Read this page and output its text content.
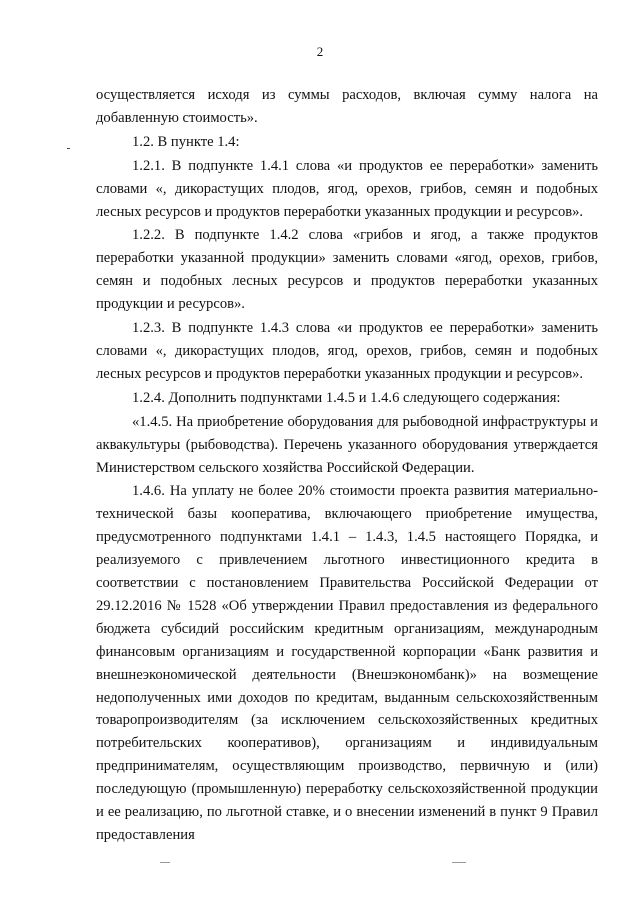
2

осуществляется исходя из суммы расходов, включая сумму налога на добавленную стоимость».

1.2. В пункте 1.4:

1.2.1. В подпункте 1.4.1 слова «и продуктов ее переработки» заменить словами «, дикорастущих плодов, ягод, орехов, грибов, семян и подобных лесных ресурсов и продуктов переработки указанных продукции и ресурсов».

1.2.2. В подпункте 1.4.2 слова «грибов и ягод, а также продуктов переработки указанной продукции» заменить словами «ягод, орехов, грибов, семян и подобных лесных ресурсов и продуктов переработки указанных продукции и ресурсов».

1.2.3. В подпункте 1.4.3 слова «и продуктов ее переработки» заменить словами «, дикорастущих плодов, ягод, орехов, грибов, семян и подобных лесных ресурсов и продуктов переработки указанных продукции и ресурсов».

1.2.4. Дополнить подпунктами 1.4.5 и 1.4.6 следующего содержания:

«1.4.5. На приобретение оборудования для рыбоводной инфраструктуры и аквакультуры (рыбоводства). Перечень указанного оборудования утверждается Министерством сельского хозяйства Российской Федерации.

1.4.6. На уплату не более 20% стоимости проекта развития материально-технической базы кооператива, включающего приобретение имущества, предусмотренного подпунктами 1.4.1 – 1.4.3, 1.4.5 настоящего Порядка, и реализуемого с привлечением льготного инвестиционного кредита в соответствии с постановлением Правительства Российской Федерации от 29.12.2016 № 1528 «Об утверждении Правил предоставления из федерального бюджета субсидий российским кредитным организациям, международным финансовым организациям и государственной корпорации «Банк развития и внешнеэкономической деятельности (Внешэкономбанк)» на возмещение недополученных ими доходов по кредитам, выданным сельскохозяйственным товаропроизводителям (за исключением сельскохозяйственных кредитных потребительских кооперативов), организациям и индивидуальным предпринимателям, осуществляющим производство, первичную и (или) последующую (промышленную) переработку сельскохозяйственной продукции и ее реализацию, по льготной ставке, и о внесении изменений в пункт 9 Правил предоставления
